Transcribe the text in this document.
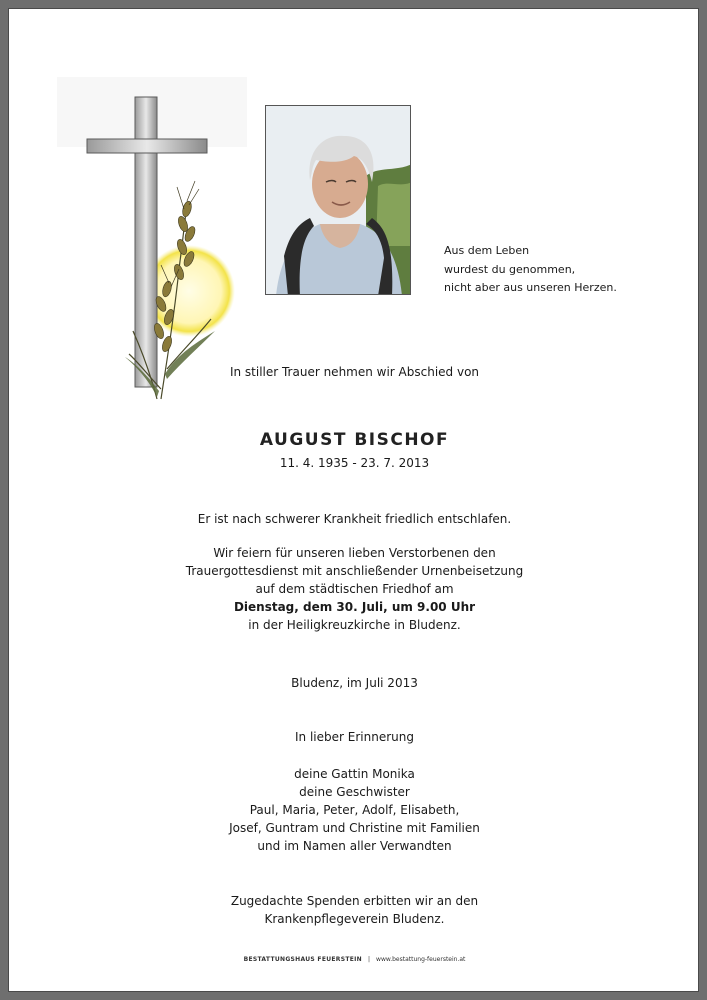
Aus dem Leben
wurdest du genommen,
nicht aber aus unseren Herzen.
In stiller Trauer nehmen wir Abschied von
AUGUST BISCHOF
11. 4. 1935 - 23. 7. 2013
Er ist nach schwerer Krankheit friedlich entschlafen.
Wir feiern für unseren lieben Verstorbenen den
Trauergottesdienst mit anschließender Urnenbeisetzung
auf dem städtischen Friedhof am
Dienstag, dem 30. Juli, um 9.00 Uhr
in der Heiligkreuzkirche in Bludenz.
Bludenz, im Juli 2013
In lieber Erinnerung
deine Gattin Monika
deine Geschwister
Paul, Maria, Peter, Adolf, Elisabeth,
Josef, Guntram und Christine mit Familien
und im Namen aller Verwandten
Zugedachte Spenden erbitten wir an den
Krankenpflegeverein Bludenz.
BESTATTUNGSHAUS FEUERSTEIN | www.bestattung-feuerstein.at
